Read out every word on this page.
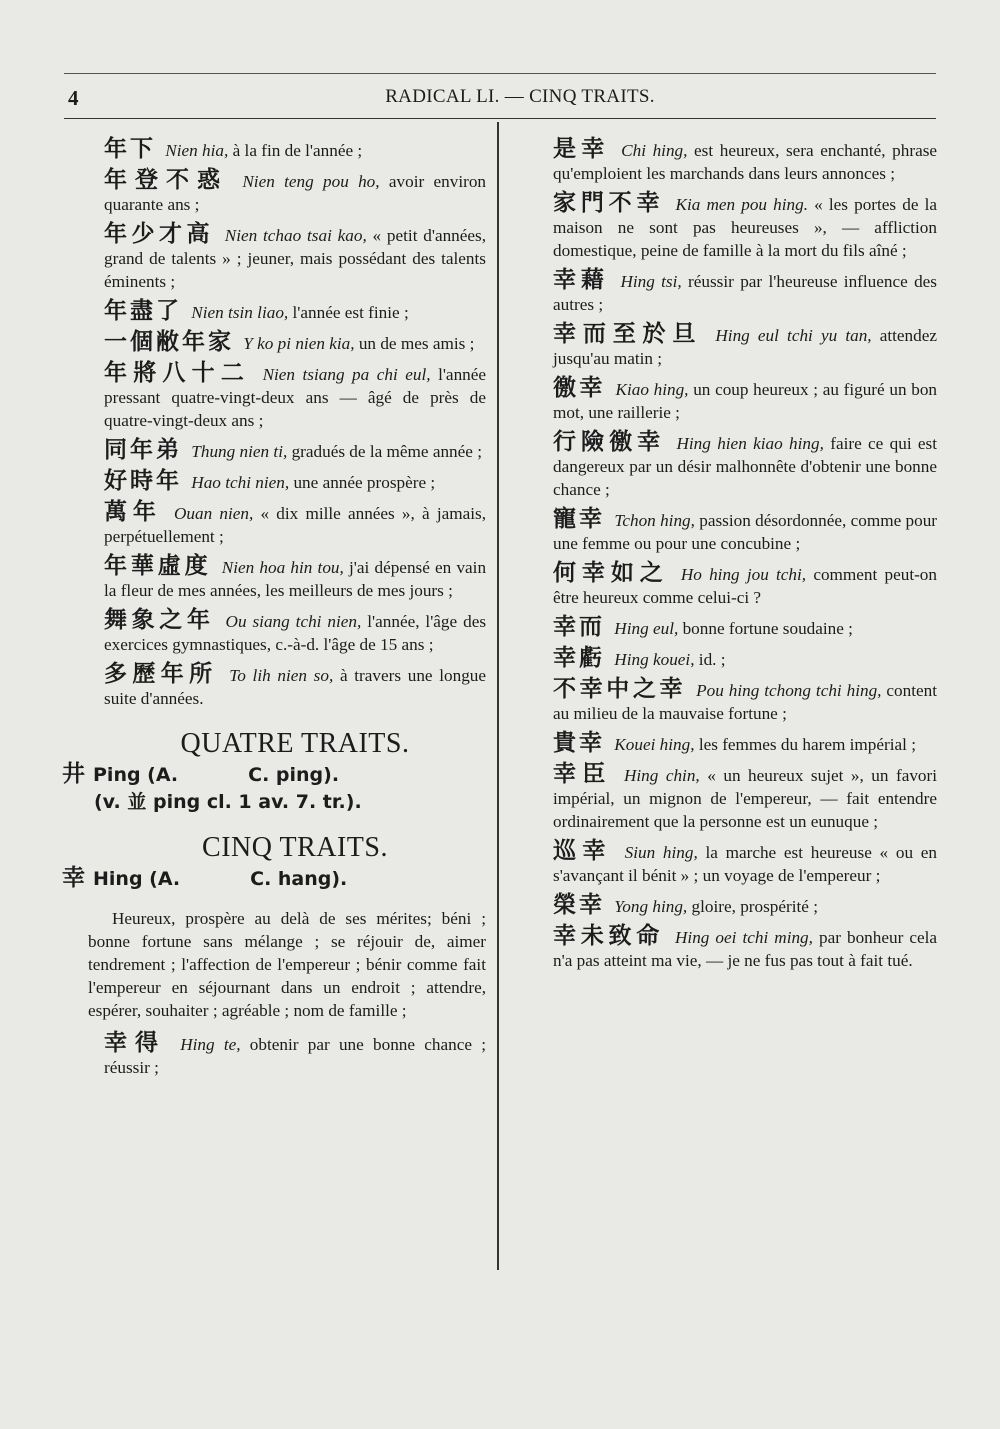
4	RADICAL LI. — CINQ TRAITS.
年下 Nien hia, à la fin de l'année ;
年登不惑 Nien teng pou ho, avoir environ quarante ans ;
年少才高 Nien tchao tsai kao, « petit d'années, grand de talents » ; jeuner, mais possédant des talents éminents ;
年盡了 Nien tsin liao, l'année est finie ;
一個敝年家 Y ko pi nien kia, un de mes amis ;
年將八十二 Nien tsiang pa chi eul, l'année pressant quatre-vingt-deux ans — âgé de près de quatre-vingt-deux ans ;
同年弟 Thung nien ti, gradués de la même année ;
好時年 Hao tchi nien, une année prospère ;
萬年 Ouan nien, « dix mille années », à jamais, perpétuellement ;
年華虛度 Nien hoa hin tou, j'ai dépensé en vain la fleur de mes années, les meilleurs de mes jours ;
舞象之年 Ou siang tchi nien, l'année, l'âge des exercices gymnastiques, c.-à-d. l'âge de 15 ans ;
多歷年所 To lih nien so, à travers une longue suite d'années.
QUATRE TRAITS.
井 Ping (A.	C. ping).
(v. 並 ping cl. 1 av. 7. tr.).
CINQ TRAITS.
幸 Hing (A.	C. hang).
Heureux, prospère au delà de ses mérites; béni ; bonne fortune sans mélange ; se réjouir de, aimer tendrement ; l'affection de l'empereur ; bénir comme fait l'empereur en séjournant dans un endroit ; attendre, espérer, souhaiter ; agréable ; nom de famille ;
幸得 Hing te, obtenir par une bonne chance ; réussir ;
是幸 Chi hing, est heureux, sera enchanté, phrase qu'emploient les marchands dans leurs annonces ;
家門不幸 Kia men pou hing. « les portes de la maison ne sont pas heureuses », — affliction domestique, peine de famille à la mort du fils aîné ;
幸藉 Hing tsi, réussir par l'heureuse influence des autres ;
幸而至於旦 Hing eul tchi yu tan, attendez jusqu'au matin ;
徼幸 Kiao hing, un coup heureux ; au figuré un bon mot, une raillerie ;
行險徼幸 Hing hien kiao hing, faire ce qui est dangereux par un désir malhonnête d'obtenir une bonne chance ;
寵幸 Tchon hing, passion désordonnée, comme pour une femme ou pour une concubine ;
何幸如之 Ho hing jou tchi, comment peut-on être heureux comme celui-ci ?
幸而 Hing eul, bonne fortune soudaine ;
幸虧 Hing kouei, id. ;
不幸中之幸 Pou hing tchong tchi hing, content au milieu de la mauvaise fortune ;
貴幸 Kouei hing, les femmes du harem impérial ;
幸臣 Hing chin, « un heureux sujet », un favori impérial, un mignon de l'empereur, — fait entendre ordinairement que la personne est un eunuque ;
巡幸 Siun hing, la marche est heureuse « ou en s'avançant il bénit » ; un voyage de l'empereur ;
榮幸 Yong hing, gloire, prospérité ;
幸未致命 Hing oei tchi ming, par bonheur cela n'a pas atteint ma vie, — je ne fus pas tout à fait tué.
